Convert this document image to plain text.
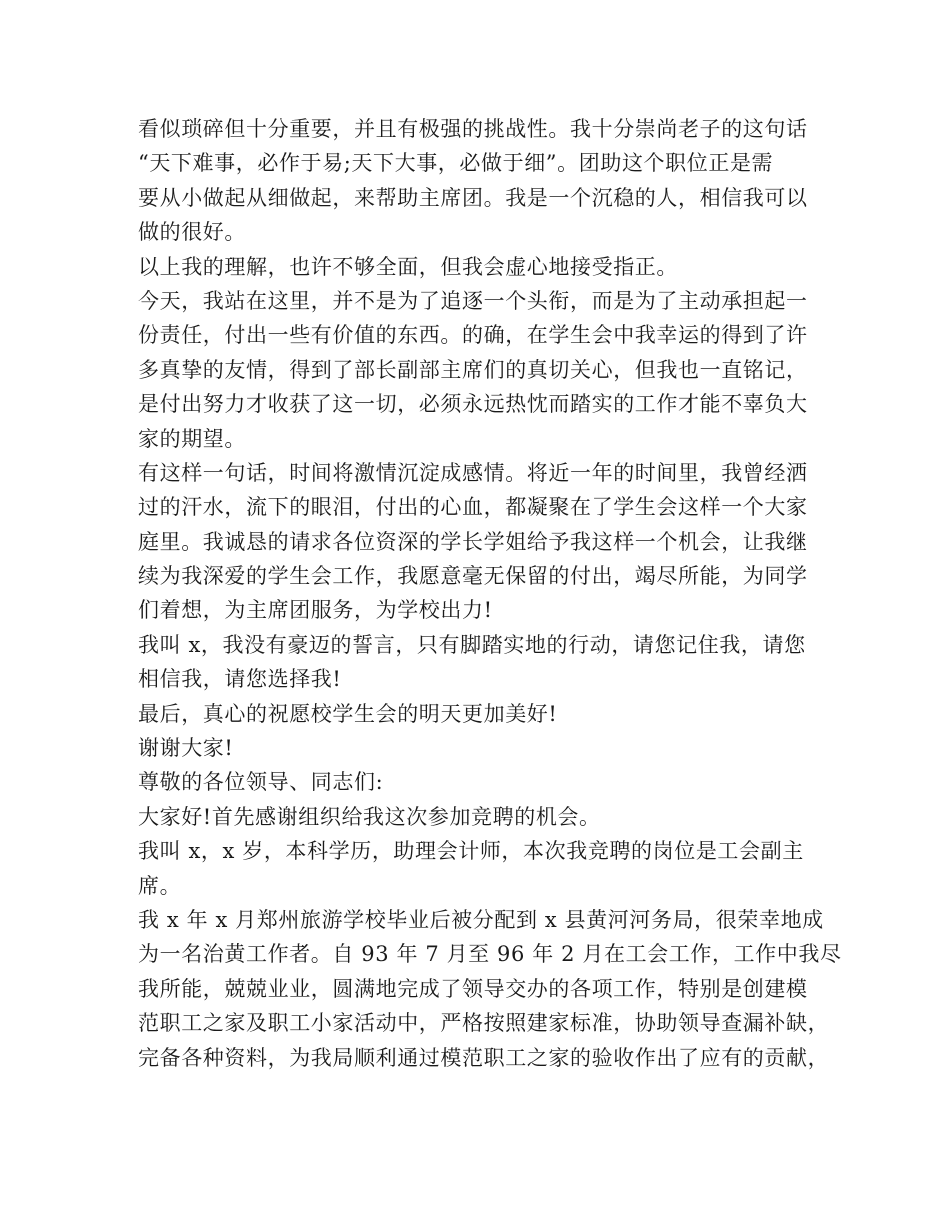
看似琐碎但十分重要，并且有极强的挑战性。我十分崇尚老子的这句话
“天下难事，必作于易;天下大事，必做于细”。团助这个职位正是需
要从小做起从细做起，来帮助主席团。我是一个沉稳的人，相信我可以
做的很好。
以上我的理解，也许不够全面，但我会虚心地接受指正。
今天，我站在这里，并不是为了追逐一个头衔，而是为了主动承担起一
份责任，付出一些有价值的东西。的确，在学生会中我幸运的得到了许
多真挚的友情，得到了部长副部主席们的真切关心，但我也一直铭记，
是付出努力才收获了这一切，必须永远热忱而踏实的工作才能不辜负大
家的期望。
有这样一句话，时间将激情沉淀成感情。将近一年的时间里，我曾经洒
过的汗水，流下的眼泪，付出的心血，都凝聚在了学生会这样一个大家
庭里。我诚恳的请求各位资深的学长学姐给予我这样一个机会，让我继
续为我深爱的学生会工作，我愿意毫无保留的付出，竭尽所能，为同学
们着想，为主席团服务，为学校出力!
我叫 x，我没有豪迈的誓言，只有脚踏实地的行动，请您记住我，请您
相信我，请您选择我!
最后，真心的祝愿校学生会的明天更加美好!
谢谢大家!
尊敬的各位领导、同志们:
大家好!首先感谢组织给我这次参加竞聘的机会。
我叫 x，x 岁，本科学历，助理会计师，本次我竞聘的岗位是工会副主
席。
我 x 年 x 月郑州旅游学校毕业后被分配到 x 县黄河河务局，很荣幸地成
为一名治黄工作者。自 93 年 7 月至 96 年 2 月在工会工作，工作中我尽
我所能，兢兢业业，圆满地完成了领导交办的各项工作，特别是创建模
范职工之家及职工小家活动中，严格按照建家标准，协助领导查漏补缺，
完备各种资料，为我局顺利通过模范职工之家的验收作出了应有的贡献，
